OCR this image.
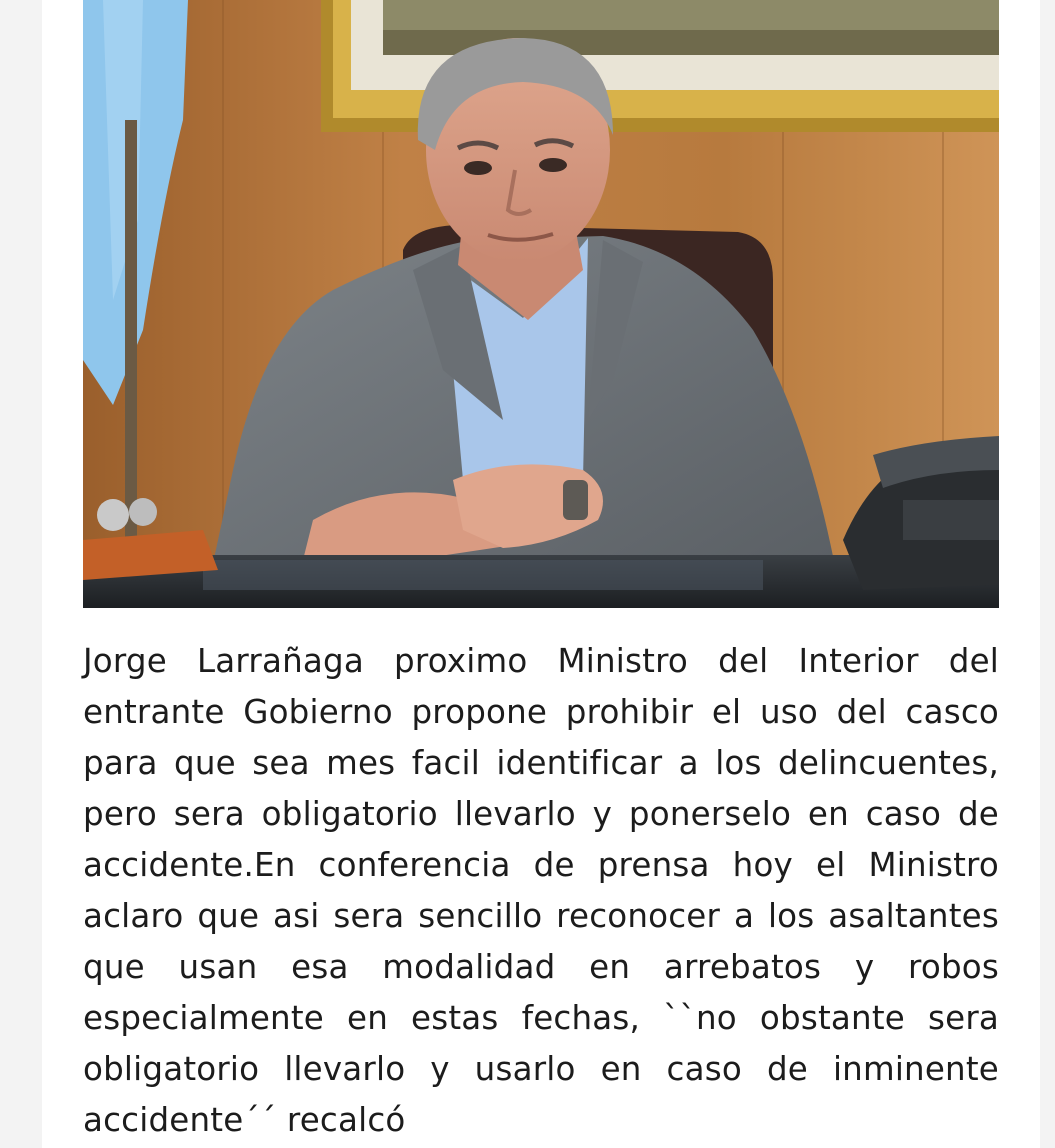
Jorge Larrañaga proximo Ministro del Interior del entrante Gobierno propone prohibir el uso del casco para que sea mes facil identificar a los delincuentes, pero sera obligatorio llevarlo y ponerselo en caso de accidente.En conferencia de prensa hoy el Ministro aclaro que asi sera sencillo reconocer a los asaltantes que usan esa modalidad en arrebatos y robos especialmente en estas fechas, ``no obstante sera obligatorio llevarlo y usarlo en caso de inminente accidente´´ recalcó
